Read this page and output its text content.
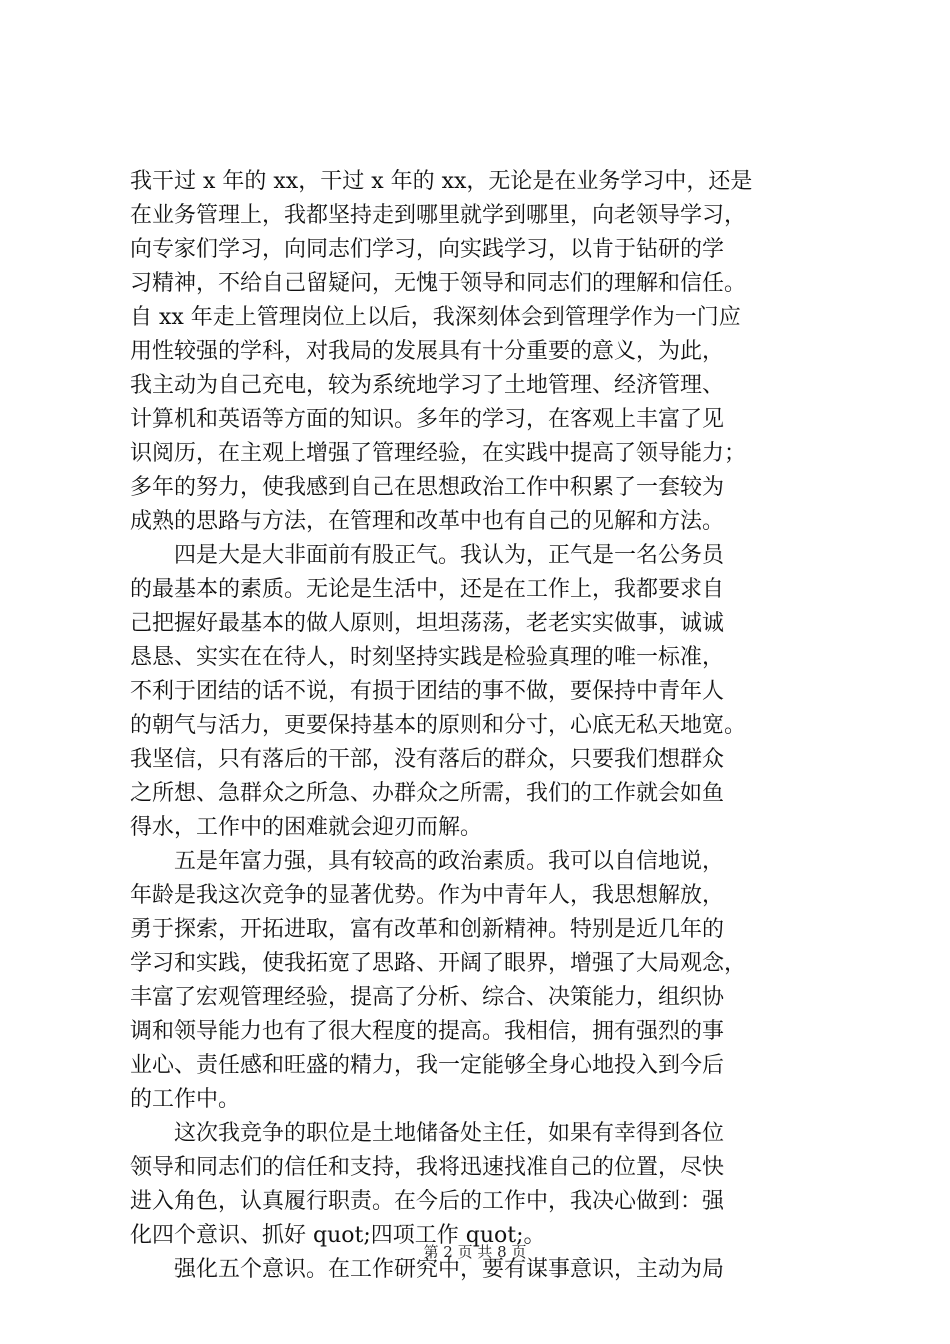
我干过 x 年的 xx，干过 x 年的 xx，无论是在业务学习中，还是
在业务管理上，我都坚持走到哪里就学到哪里，向老领导学习，
向专家们学习，向同志们学习，向实践学习，以肯于钻研的学
习精神，不给自己留疑问，无愧于领导和同志们的理解和信任。
自 xx 年走上管理岗位上以后，我深刻体会到管理学作为一门应
用性较强的学科，对我局的发展具有十分重要的意义，为此，
我主动为自己充电，较为系统地学习了土地管理、经济管理、
计算机和英语等方面的知识。多年的学习，在客观上丰富了见
识阅历，在主观上增强了管理经验，在实践中提高了领导能力；
多年的努力，使我感到自己在思想政治工作中积累了一套较为
成熟的思路与方法，在管理和改革中也有自己的见解和方法。
　　四是大是大非面前有股正气。我认为，正气是一名公务员
的最基本的素质。无论是生活中，还是在工作上，我都要求自
己把握好最基本的做人原则，坦坦荡荡，老老实实做事，诚诚
恳恳、实实在在待人，时刻坚持实践是检验真理的唯一标准，
不利于团结的话不说，有损于团结的事不做，要保持中青年人
的朝气与活力，更要保持基本的原则和分寸，心底无私天地宽。
我坚信，只有落后的干部，没有落后的群众，只要我们想群众
之所想、急群众之所急、办群众之所需，我们的工作就会如鱼
得水，工作中的困难就会迎刃而解。
　　五是年富力强，具有较高的政治素质。我可以自信地说，
年龄是我这次竞争的显著优势。作为中青年人，我思想解放，
勇于探索，开拓进取，富有改革和创新精神。特别是近几年的
学习和实践，使我拓宽了思路、开阔了眼界，增强了大局观念，
丰富了宏观管理经验，提高了分析、综合、决策能力，组织协
调和领导能力也有了很大程度的提高。我相信，拥有强烈的事
业心、责任感和旺盛的精力，我一定能够全身心地投入到今后
的工作中。
　　这次我竞争的职位是土地储备处主任，如果有幸得到各位
领导和同志们的信任和支持，我将迅速找准自己的位置，尽快
进入角色，认真履行职责。在今后的工作中，我决心做到：强
化四个意识、抓好 quot;四项工作 quot;。
　　强化五个意识。在工作研究中，要有谋事意识，主动为局
第 2 页 共 8 页
